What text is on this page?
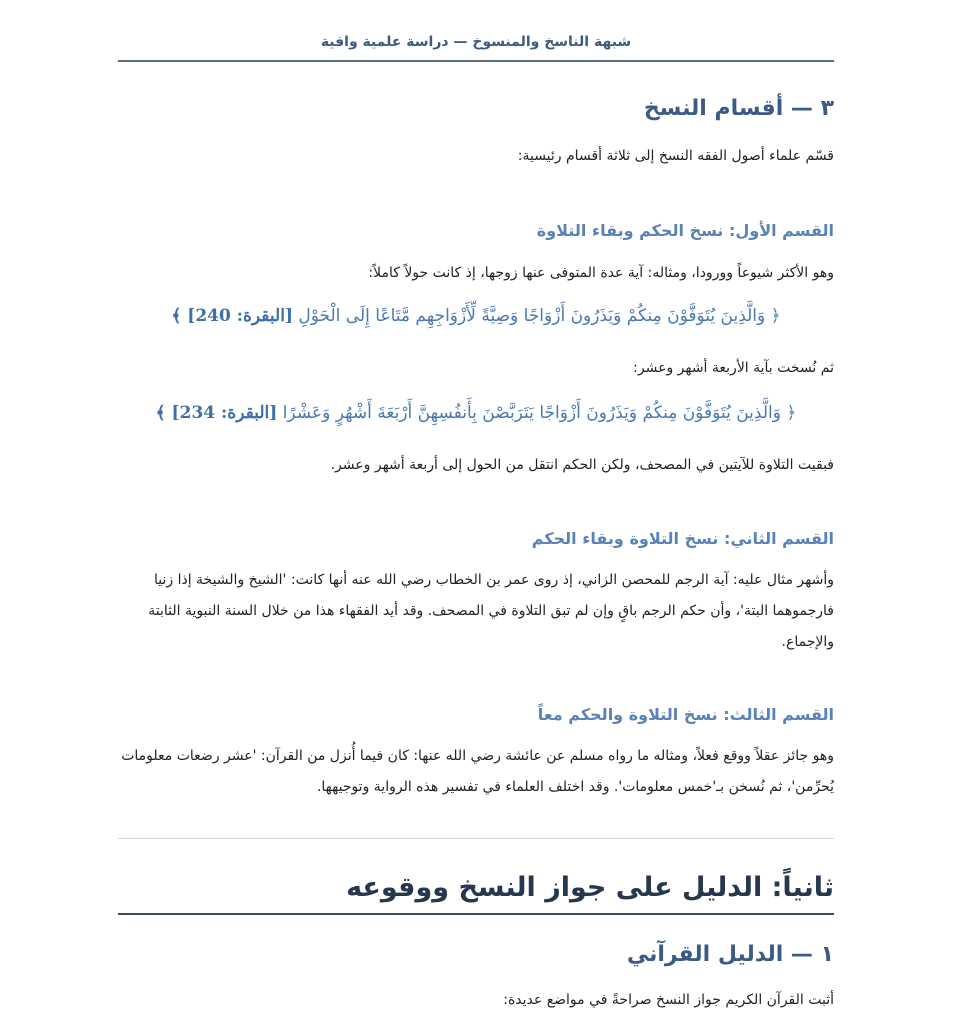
شبهة الناسخ والمنسوخ — دراسة علمية وافية
٣ — أقسام النسخ
قسّم علماء أصول الفقه النسخ إلى ثلاثة أقسام رئيسية:
القسم الأول: نسخ الحكم وبقاء التلاوة
وهو الأكثر شيوعاً وورودا، ومثاله: آية عدة المتوفى عنها زوجها، إذ كانت حولاً كاملاً:
﴿ وَالَّذِينَ يُتَوَفَّوْنَ مِنكُمْ وَيَذَرُونَ أَزْوَاجًا وَصِيَّةً لِّأَزْوَاجِهِم مَّتَاعًا إِلَى الْحَوْلِ [البقرة: 240] ﴾
ثم نُسخت بآية الأربعة أشهر وعشر:
﴿ وَالَّذِينَ يُتَوَفَّوْنَ مِنكُمْ وَيَذَرُونَ أَزْوَاجًا يَتَرَبَّصْنَ بِأَنفُسِهِنَّ أَرْبَعَةَ أَشْهُرٍ وَعَشْرًا [البقرة: 234] ﴾
فبقيت التلاوة للآيتين في المصحف، ولكن الحكم انتقل من الحول إلى أربعة أشهر وعشر.
القسم الثاني: نسخ التلاوة وبقاء الحكم
وأشهر مثال عليه: آية الرجم للمحصن الزاني، إذ روى عمر بن الخطاب رضي الله عنه أنها كانت: 'الشيخ والشيخة إذا زنيا فارجموهما البتة'، وأن حكم الرجم باقٍ وإن لم تبق التلاوة في المصحف. وقد أيد الفقهاء هذا من خلال السنة النبوية الثابتة والإجماع.
القسم الثالث: نسخ التلاوة والحكم معاً
وهو جائز عقلاً ووقع فعلاً، ومثاله ما رواه مسلم عن عائشة رضي الله عنها: كان فيما أُنزل من القرآن: 'عشر رضعات معلومات يُحرِّمن'، ثم نُسخن بـ'خمس معلومات'. وقد اختلف العلماء في تفسير هذه الرواية وتوجيهها.
ثانياً: الدليل على جواز النسخ ووقوعه
١ — الدليل القرآني
أثبت القرآن الكريم جواز النسخ صراحةً في مواضع عديدة:
